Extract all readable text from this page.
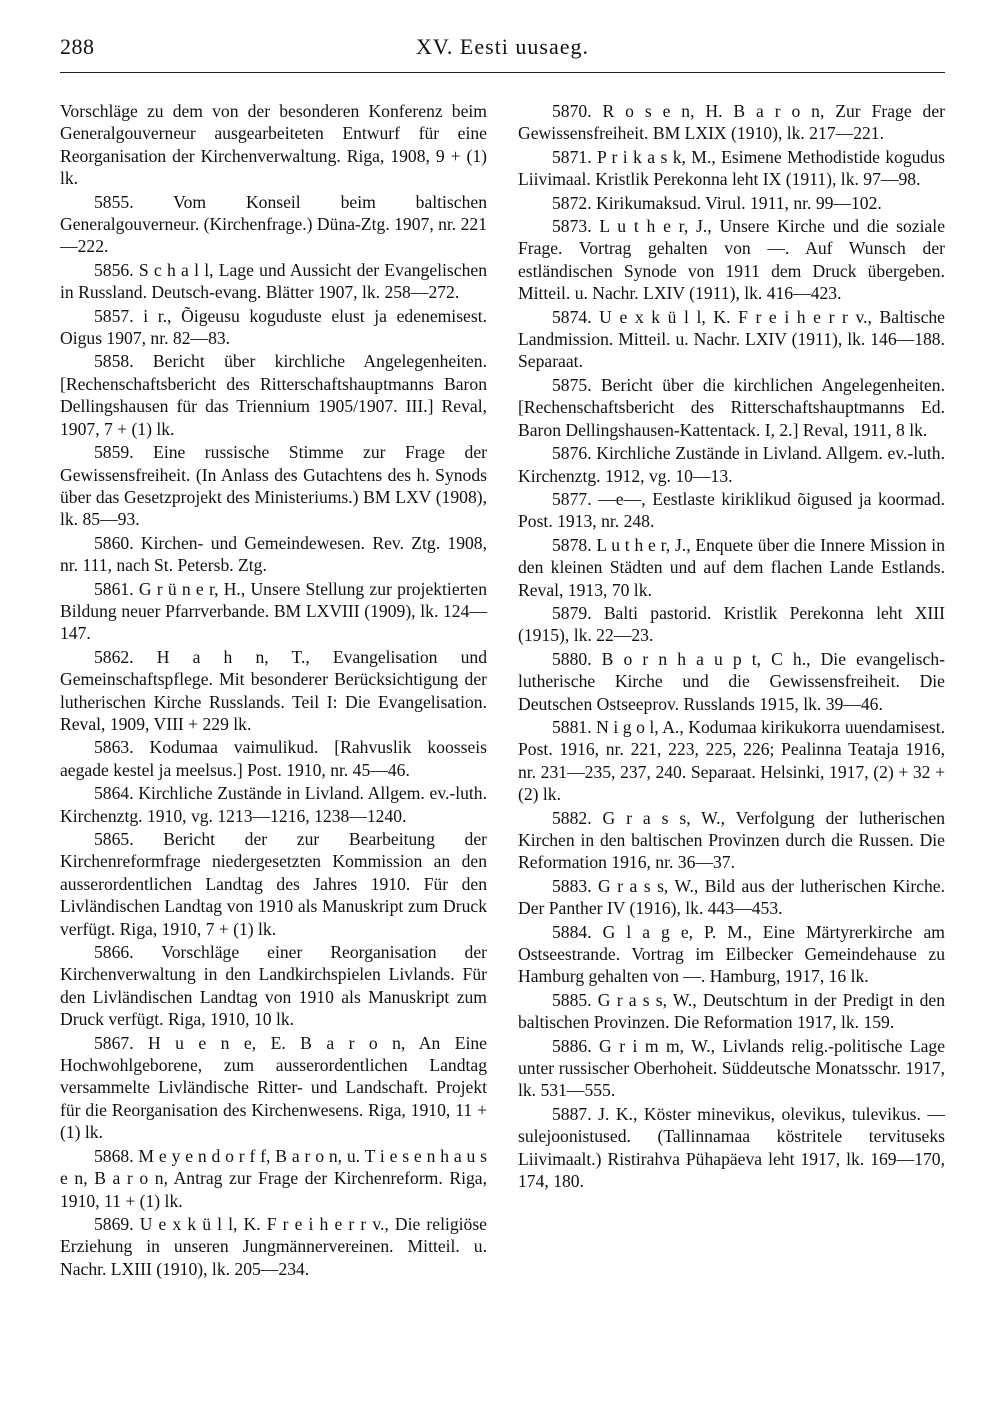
288	XV. Eesti uusaeg.

Vorschläge zu dem von der besonderen Konferenz beim Generalgouverneur ausgearbeiteten Entwurf für eine Reorganisation der Kirchenverwaltung. Riga, 1908, 9 + (1) lk.

5855. Vom Konseil beim baltischen Generalgouverneur. (Kirchenfrage.) Düna-Ztg. 1907, nr. 221—222.

5856. S c h a l l, Lage und Aussicht der Evangelischen in Russland. Deutsch-evang. Blätter 1907, lk. 258—272.

5857. i r., Õigeusu koguduste elust ja edenemisest. Oigus 1907, nr. 82—83.

5858. Bericht über kirchliche Angelegenheiten. [Rechenschaftsbericht des Ritterschaftshauptmanns Baron Dellingshausen für das Triennium 1905/1907. III.] Reval, 1907, 7 + (1) lk.

5859. Eine russische Stimme zur Frage der Gewissensfreiheit. (In Anlass des Gutachtens des h. Synods über das Gesetzprojekt des Ministeriums.) BM LXV (1908), lk. 85—93.

5860. Kirchen- und Gemeindewesen. Rev. Ztg. 1908, nr. 111, nach St. Petersb. Ztg.

5861. G r ü n e r, H., Unsere Stellung zur projektierten Bildung neuer Pfarrverbande. BM LXVIII (1909), lk. 124—147.

5862. H a h n, T., Evangelisation und Gemeinschaftspflege. Mit besonderer Berücksichtigung der lutherischen Kirche Russlands. Teil I: Die Evangelisation. Reval, 1909, VIII + 229 lk.

5863. Kodumaa vaimulikud. [Rahvuslik koosseis aegade kestel ja meelsus.] Post. 1910, nr. 45—46.

5864. Kirchliche Zustände in Livland. Allgem. ev.-luth. Kirchenztg. 1910, vg. 1213—1216, 1238—1240.

5865. Bericht der zur Bearbeitung der Kirchenreformfrage niedergesetzten Kommission an den ausserordentlichen Landtag des Jahres 1910. Für den Livländischen Landtag von 1910 als Manuskript zum Druck verfügt. Riga, 1910, 7 + (1) lk.

5866. Vorschläge einer Reorganisation der Kirchenverwaltung in den Landkirchspielen Livlands. Für den Livländischen Landtag von 1910 als Manuskript zum Druck verfügt. Riga, 1910, 10 lk.

5867. H u e n e, E. B a r o n, An Eine Hochwohlgeborene, zum ausserordentlichen Landtag versammelte Livländische Ritter- und Landschaft. Projekt für die Reorganisation des Kirchenwesens. Riga, 1910, 11 + (1) lk.

5868. M e y e n d o r f f, B a r o n, u. T i e s e n h a u s e n, B a r o n, Antrag zur Frage der Kirchenreform. Riga, 1910, 11 + (1) lk.

5869. U e x k ü l l, K. F r e i h e r r v., Die religiöse Erziehung in unseren Jungmännervereinen. Mitteil. u. Nachr. LXIII (1910), lk. 205—234.

5870. R o s e n, H. B a r o n, Zur Frage der Gewissensfreiheit. BM LXIX (1910), lk. 217—221.

5871. P r i k a s k, M., Esimene Methodistide kogudus Liivimaal. Kristlik Perekonna leht IX (1911), lk. 97—98.

5872. Kirikumaksud. Virul. 1911, nr. 99—102.

5873. L u t h e r, J., Unsere Kirche und die soziale Frage. Vortrag gehalten von —. Auf Wunsch der estländischen Synode von 1911 dem Druck übergeben. Mitteil. u. Nachr. LXIV (1911), lk. 416—423.

5874. U e x k ü l l, K. F r e i h e r r v., Baltische Landmission. Mitteil. u. Nachr. LXIV (1911), lk. 146—188. Separaat.

5875. Bericht über die kirchlichen Angelegenheiten. [Rechenschaftsbericht des Ritterschaftshauptmanns Ed. Baron Dellingshausen-Kattentack. I, 2.] Reval, 1911, 8 lk.

5876. Kirchliche Zustände in Livland. Allgem. ev.-luth. Kirchenztg. 1912, vg. 10—13.

5877. —e—, Eestlaste kiriklikud õigused ja koormad. Post. 1913, nr. 248.

5878. L u t h e r, J., Enquete über die Innere Mission in den kleinen Städten und auf dem flachen Lande Estlands. Reval, 1913, 70 lk.

5879. Balti pastorid. Kristlik Perekonna leht XIII (1915), lk. 22—23.

5880. B o r n h a u p t, C h., Die evangelisch-lutherische Kirche und die Gewissensfreiheit. Die Deutschen Ostseeprov. Russlands 1915, lk. 39—46.

5881. N i g o l, A., Kodumaa kirikukorra uuendamisest. Post. 1916, nr. 221, 223, 225, 226; Pealinna Teataja 1916, nr. 231—235, 237, 240. Separaat. Helsinki, 1917, (2) + 32 + (2) lk.

5882. G r a s s, W., Verfolgung der lutherischen Kirchen in den baltischen Provinzen durch die Russen. Die Reformation 1916, nr. 36—37.

5883. G r a s s, W., Bild aus der lutherischen Kirche. Der Panther IV (1916), lk. 443—453.

5884. G l a g e, P. M., Eine Märtyrerkirche am Ostseestrande. Vortrag im Eilbecker Gemeindehause zu Hamburg gehalten von —. Hamburg, 1917, 16 lk.

5885. G r a s s, W., Deutschtum in der Predigt in den baltischen Provinzen. Die Reformation 1917, lk. 159.

5886. G r i m m, W., Livlands relig.-politische Lage unter russischer Oberhoheit. Süddeutsche Monatsschr. 1917, lk. 531—555.

5887. J. K., Köster minevikus, olevikus, tulevikus. — sulejoonistused. (Tallinnamaa köstritele tervituseks Liivimaalt.) Ristirahva Pühapäeva leht 1917, lk. 169—170, 174, 180.
